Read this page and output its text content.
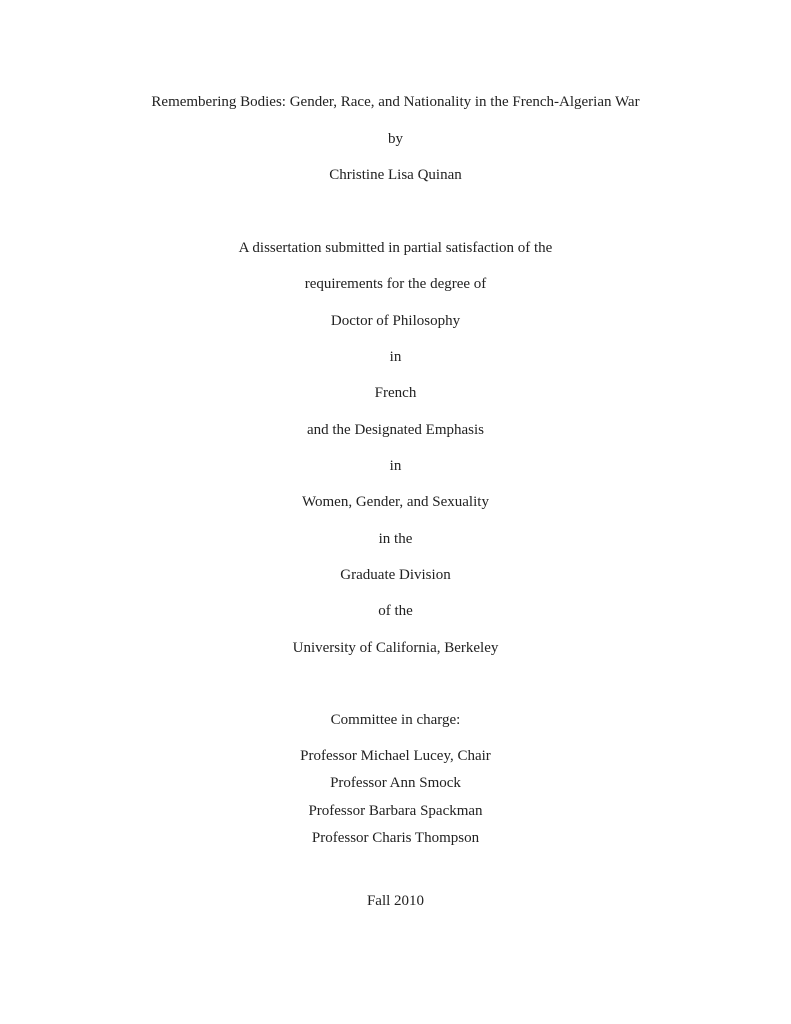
Remembering Bodies: Gender, Race, and Nationality in the French-Algerian War
by
Christine Lisa Quinan
A dissertation submitted in partial satisfaction of the
requirements for the degree of
Doctor of Philosophy
in
French
and the Designated Emphasis
in
Women, Gender, and Sexuality
in the
Graduate Division
of the
University of California, Berkeley
Committee in charge:
Professor Michael Lucey, Chair
Professor Ann Smock
Professor Barbara Spackman
Professor Charis Thompson
Fall 2010
